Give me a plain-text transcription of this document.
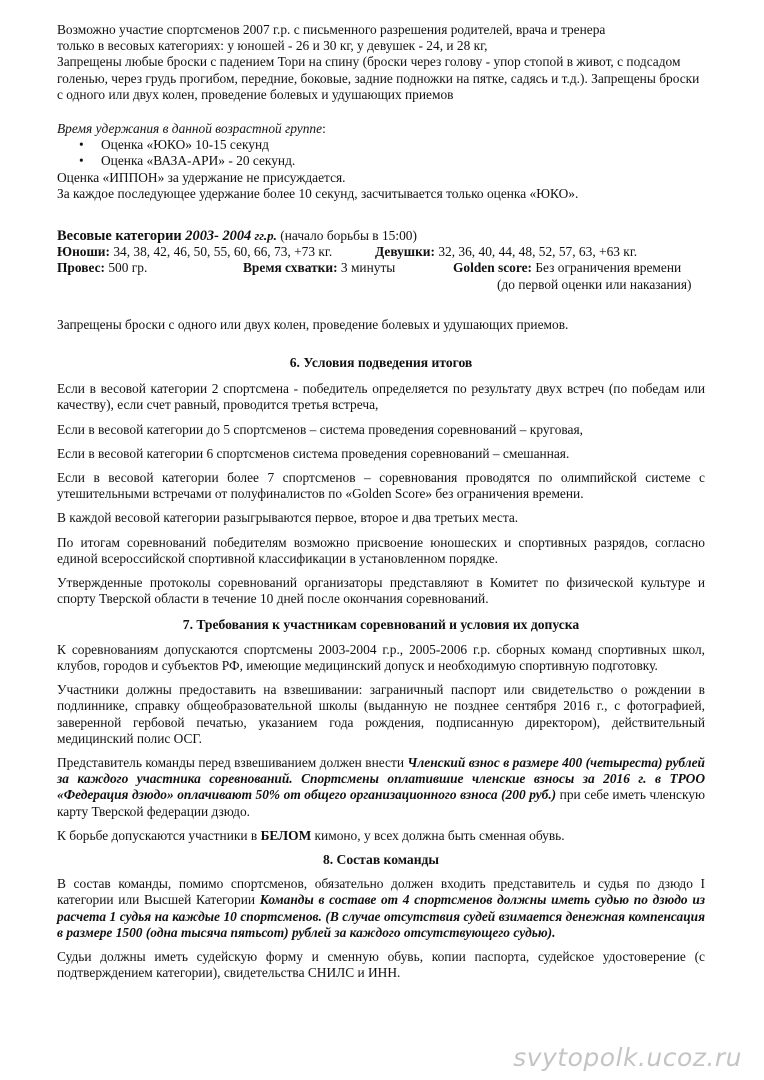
Возможно участие спортсменов 2007 г.р. с письменного разрешения родителей, врача и тренера

только в весовых категориях: у юношей - 26 и 30 кг, у девушек - 24, и 28 кг,

Запрещены любые броски с падением Тори на спину (броски через голову - упор стопой в живот, с подсадом голенью, через грудь прогибом, передние, боковые, задние подножки на пятке, садясь и т.д.). Запрещены броски с одного или двух колен, проведение болевых и удушающих приемов

Время удержания в данной возрастной группе:

• Оценка «ЮКО» 10-15 секунд
• Оценка «ВАЗА-АРИ» - 20 секунд.

Оценка «ИППОН» за удержание не присуждается.

За каждое последующее удержание более 10 секунд, засчитывается только оценка «ЮКО».

Весовые категории 2003- 2004 гг.р. (начало борьбы в 15:00)

Юноши: 34, 38, 42, 46, 50, 55, 60, 66, 73, +73 кг.	Девушки: 32, 36, 40, 44, 48, 52, 57, 63, +63 кг.
Провес: 500 гр.	Время схватки: 3 минуты	Golden score: Без ограничения времени

(до первой оценки или наказания)

Запрещены броски с одного или двух колен, проведение болевых и удушающих приемов.

6. Условия подведения итогов

Если в весовой категории 2 спортсмена - победитель определяется по результату двух встреч (по победам или качеству), если счет равный, проводится третья встреча,

Если в весовой категории до 5 спортсменов – система проведения соревнований – круговая,

Если в весовой категории 6 спортсменов система проведения соревнований – смешанная.

Если в весовой категории более 7 спортсменов – соревнования проводятся по олимпийской системе с утешительными встречами от полуфиналистов по «Golden Score» без ограничения времени.

В каждой весовой категории разыгрываются первое, второе и два третьих места.

По итогам соревнований победителям возможно присвоение юношеских и спортивных разрядов, согласно единой всероссийской спортивной классификации в установленном порядке.

Утвержденные протоколы соревнований организаторы представляют в Комитет по физической культуре и спорту Тверской области в течение 10 дней после окончания соревнований.

7. Требования к участникам соревнований и условия их допуска

К соревнованиям допускаются спортсмены 2003-2004 г.р., 2005-2006 г.р. сборных команд спортивных школ, клубов, городов и субъектов РФ, имеющие медицинский допуск и необходимую спортивную подготовку.

Участники должны предоставить на взвешивании: заграничный паспорт или свидетельство о рождении в подлиннике, справку общеобразовательной школы (выданную не позднее сентября 2016 г., с фотографией, заверенной гербовой печатью, указанием года рождения, подписанную директором), действительный медицинский полис ОСГ.

Представитель команды перед взвешиванием должен внести Членский взнос в размере 400 (четыреста) рублей за каждого участника соревнований. Спортсмены оплатившие членские взносы за 2016 г. в ТРОО «Федерация дзюдо» оплачивают 50% от общего организационного взноса (200 руб.) при себе иметь членскую карту Тверской федерации дзюдо.

К борьбе допускаются участники в БЕЛОМ кимоно, у всех должна быть сменная обувь.

8. Состав команды

В состав команды, помимо спортсменов, обязательно должен входить представитель и судья по дзюдо I категории или Высшей Категории Команды в составе от 4 спортсменов должны иметь судью по дзюдо из расчета 1 судья на каждые 10 спортсменов. (В случае отсутствия судей взимается денежная компенсация в размере 1500 (одна тысяча пятьсот) рублей за каждого отсутствующего судью).

Судьи должны иметь судейскую форму и сменную обувь, копии паспорта, судейское удостоверение (с подтверждением категории), свидетельства СНИЛС и ИНН.

svytopolk.ucoz.ru
